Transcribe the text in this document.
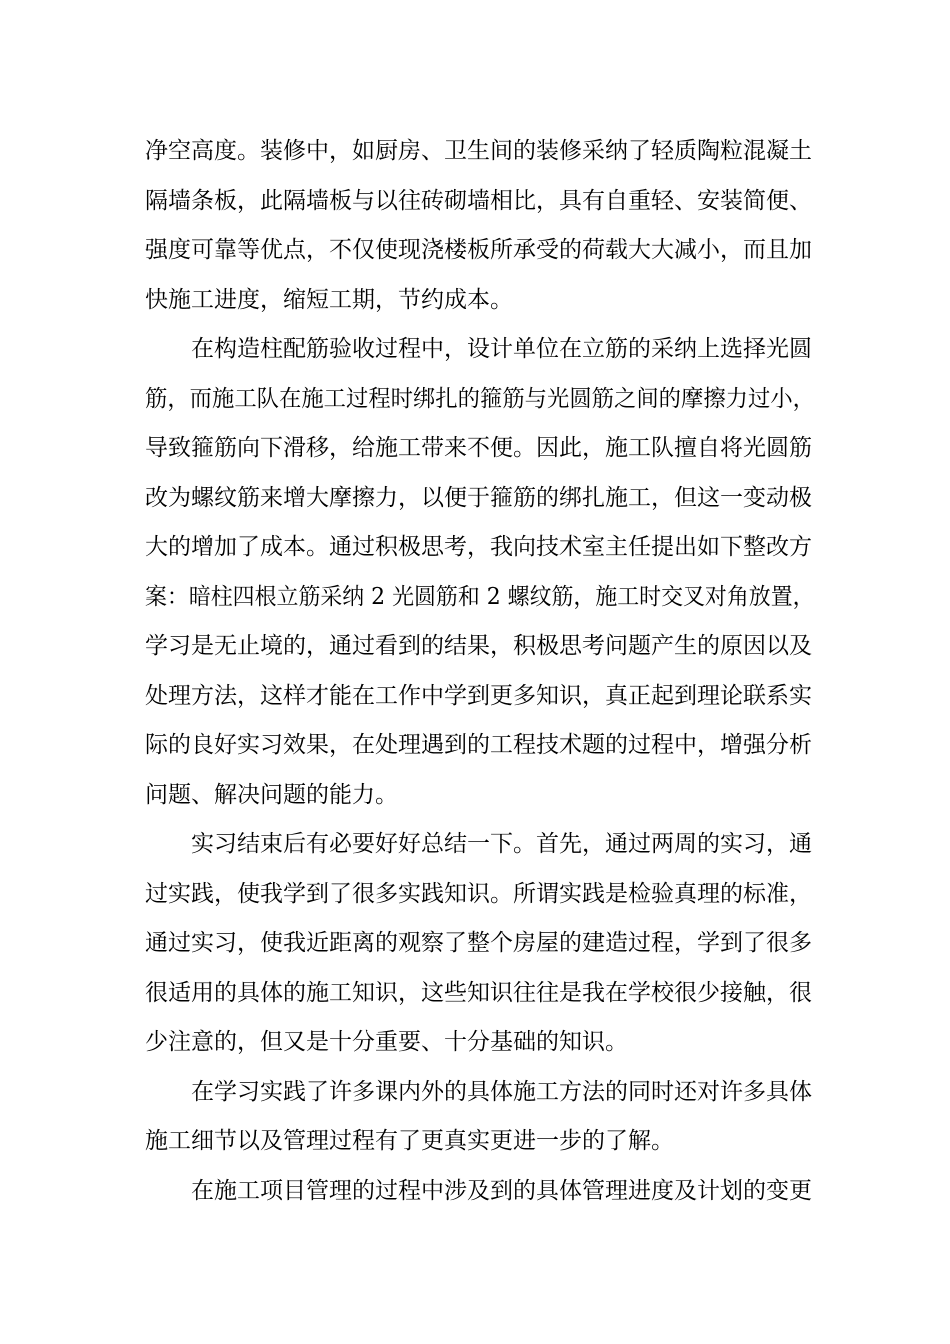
净空高度。装修中，如厨房、卫生间的装修采纳了轻质陶粒混凝土
隔墙条板，此隔墙板与以往砖砌墙相比，具有自重轻、安装简便、
强度可靠等优点，不仅使现浇楼板所承受的荷载大大减小，而且加
快施工进度，缩短工期，节约成本。
在构造柱配筋验收过程中，设计单位在立筋的采纳上选择光圆
筋，而施工队在施工过程时绑扎的箍筋与光圆筋之间的摩擦力过小，
导致箍筋向下滑移，给施工带来不便。因此，施工队擅自将光圆筋
改为螺纹筋来增大摩擦力，以便于箍筋的绑扎施工，但这一变动极
大的增加了成本。通过积极思考，我向技术室主任提出如下整改方
案：暗柱四根立筋采纳 2 光圆筋和 2 螺纹筋，施工时交叉对角放置，
学习是无止境的，通过看到的结果，积极思考问题产生的原因以及
处理方法，这样才能在工作中学到更多知识，真正起到理论联系实
际的良好实习效果，在处理遇到的工程技术题的过程中，增强分析
问题、解决问题的能力。
实习结束后有必要好好总结一下。首先，通过两周的实习，通
过实践，使我学到了很多实践知识。所谓实践是检验真理的标准，
通过实习，使我近距离的观察了整个房屋的建造过程，学到了很多
很适用的具体的施工知识，这些知识往往是我在学校很少接触，很
少注意的，但又是十分重要、十分基础的知识。
在学习实践了许多课内外的具体施工方法的同时还对许多具体
施工细节以及管理过程有了更真实更进一步的了解。
在施工项目管理的过程中涉及到的具体管理进度及计划的变更
